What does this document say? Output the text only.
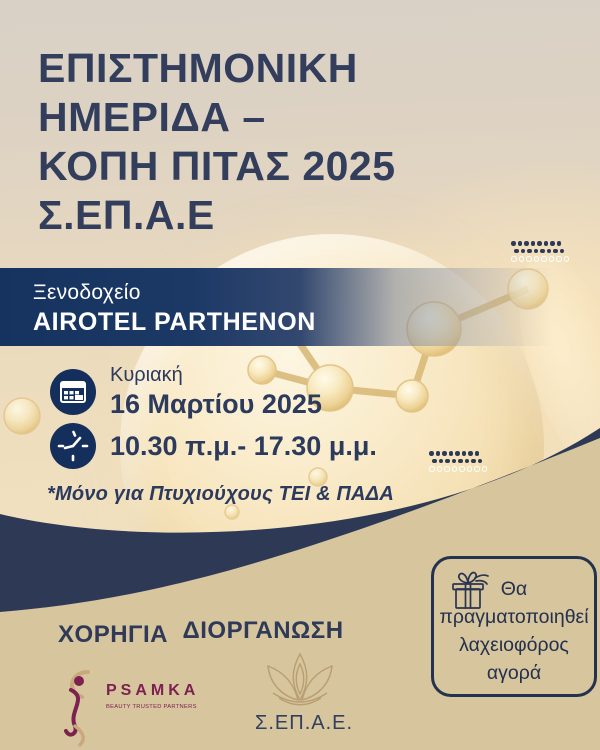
ΕΠΙΣΤΗΜΟΝΙΚΗ
ΗΜΕΡΙΔΑ –
ΚΟΠΗ ΠΙΤΑΣ 2025
Σ.ΕΠ.Α.Ε
Ξενοδοχείο
AIROTEL PARTHENON
Κυριακή
16 Μαρτίου 2025
10.30 π.μ.- 17.30 μ.μ.
*Μόνο για Πτυχιούχους ΤΕΙ & ΠΑΔΑ
Θα
πραγματοποιηθεί
λαχειοφόρος
αγορά
ΧΟΡΗΓΙΑ ΔΙΟΡΓΑΝΩΣΗ
PSAMKA
BEAUTY TRUSTED PARTNERS
Σ.ΕΠ.Α.Ε.
